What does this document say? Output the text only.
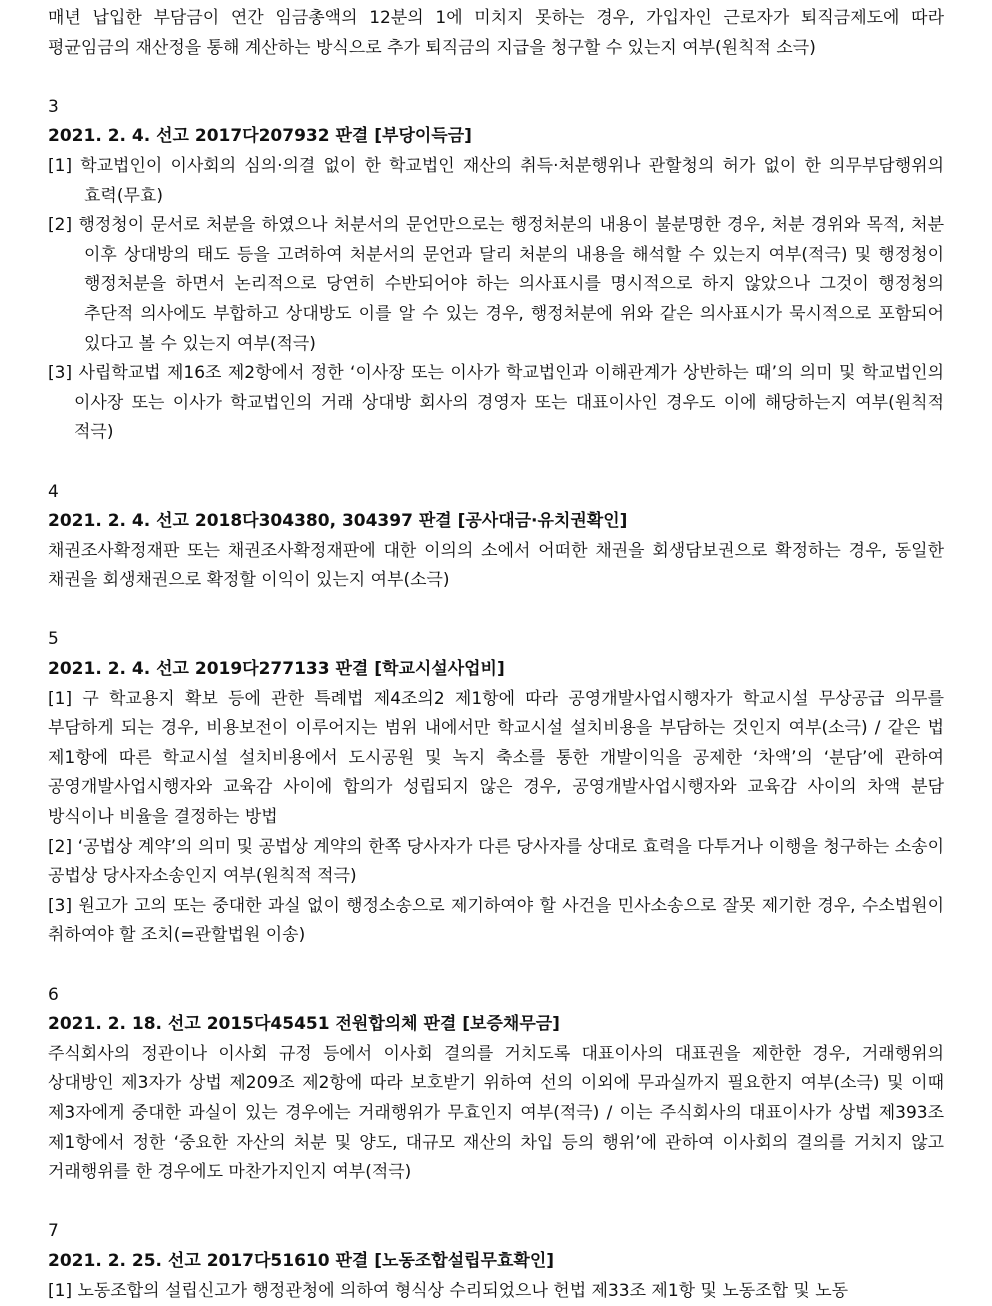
매년 납입한 부담금이 연간 임금총액의 12분의 1에 미치지 못하는 경우, 가입자인 근로자가 퇴직금제도에 따라 평균임금의 재산정을 통해 계산하는 방식으로 추가 퇴직금의 지급을 청구할 수 있는지 여부(원칙적 소극)

3

2021. 2. 4. 선고 2017다207932 판결 [부당이득금]

[1] 학교법인이 이사회의 심의·의결 없이 한 학교법인 재산의 취득·처분행위나 관할청의 허가 없이 한 의무부담행위의 효력(무효)

[2] 행정청이 문서로 처분을 하였으나 처분서의 문언만으로는 행정처분의 내용이 불분명한 경우, 처분 경위와 목적, 처분 이후 상대방의 태도 등을 고려하여 처분서의 문언과 달리 처분의 내용을 해석할 수 있는지 여부(적극) 및 행정청이 행정처분을 하면서 논리적으로 당연히 수반되어야 하는 의사표시를 명시적으로 하지 않았으나 그것이 행정청의 추단적 의사에도 부합하고 상대방도 이를 알 수 있는 경우, 행정처분에 위와 같은 의사표시가 묵시적으로 포함되어 있다고 볼 수 있는지 여부(적극)

[3] 사립학교법 제16조 제2항에서 정한 ‘이사장 또는 이사가 학교법인과 이해관계가 상반하는 때’의 의미 및 학교법인의 이사장 또는 이사가 학교법인의 거래 상대방 회사의 경영자 또는 대표이사인 경우도 이에 해당하는지 여부(원칙적 적극)

4

2021. 2. 4. 선고 2018다304380, 304397 판결 [공사대금·유치권확인]

채권조사확정재판 또는 채권조사확정재판에 대한 이의의 소에서 어떠한 채권을 회생담보권으로 확정하는 경우, 동일한 채권을 회생채권으로 확정할 이익이 있는지 여부(소극)

5

2021. 2. 4. 선고 2019다277133 판결 [학교시설사업비]

[1] 구 학교용지 확보 등에 관한 특례법 제4조의2 제1항에 따라 공영개발사업시행자가 학교시설 무상공급 의무를 부담하게 되는 경우, 비용보전이 이루어지는 범위 내에서만 학교시설 설치비용을 부담하는 것인지 여부(소극) / 같은 법 제1항에 따른 학교시설 설치비용에서 도시공원 및 녹지 축소를 통한 개발이익을 공제한 ‘차액’의 ‘분담’에 관하여 공영개발사업시행자와 교육감 사이에 합의가 성립되지 않은 경우, 공영개발사업시행자와 교육감 사이의 차액 분담 방식이나 비율을 결정하는 방법

[2] ‘공법상 계약’의 의미 및 공법상 계약의 한쪽 당사자가 다른 당사자를 상대로 효력을 다투거나 이행을 청구하는 소송이 공법상 당사자소송인지 여부(원칙적 적극)

[3] 원고가 고의 또는 중대한 과실 없이 행정소송으로 제기하여야 할 사건을 민사소송으로 잘못 제기한 경우, 수소법원이 취하여야 할 조치(=관할법원 이송)

6

2021. 2. 18. 선고 2015다45451 전원합의체 판결 [보증채무금]

주식회사의 정관이나 이사회 규정 등에서 이사회 결의를 거치도록 대표이사의 대표권을 제한한 경우, 거래행위의 상대방인 제3자가 상법 제209조 제2항에 따라 보호받기 위하여 선의 이외에 무과실까지 필요한지 여부(소극) 및 이때 제3자에게 중대한 과실이 있는 경우에는 거래행위가 무효인지 여부(적극) / 이는 주식회사의 대표이사가 상법 제393조 제1항에서 정한 ‘중요한 자산의 처분 및 양도, 대규모 재산의 차입 등의 행위’에 관하여 이사회의 결의를 거치지 않고 거래행위를 한 경우에도 마찬가지인지 여부(적극)

7

2021. 2. 25. 선고 2017다51610 판결 [노동조합설립무효확인]

[1] 노동조합의 설립신고가 행정관청에 의하여 형식상 수리되었으나 헌법 제33조 제1항 및 노동조합 및 노동
